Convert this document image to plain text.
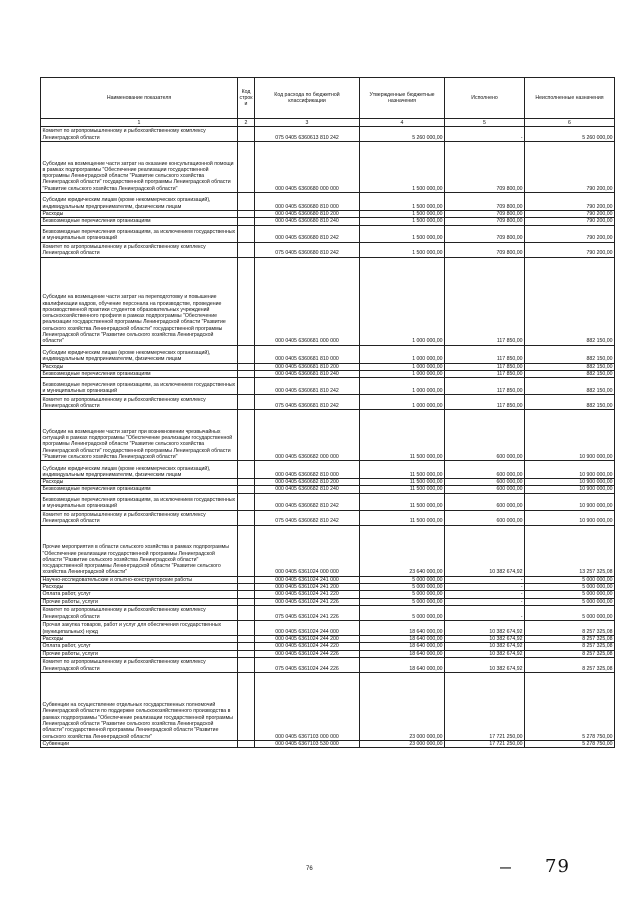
Наименование показателя	Код строк и	Код расхода по бюджетной классификации	Утвержденные бюджетные назначения	Исполнено	Неисполненные назначения
1	2	3	4	5	6
Комитет по агропромышленному и рыбохозяйственному комплексу Ленинградской области		075 0405 6360613 810 242	5 260 000,00	-	5 260 000,00
Субсидии на возмещение части затрат на оказание консультационной помощи в рамках подпрограммы "Обеспечение реализации государственной программы Ленинградской области "Развитие сельского хозяйства Ленинградской области" государственной программы Ленинградской области "Развитие сельского хозяйства Ленинградской области"		000 0405 6360680 000 000	1 500 000,00	709 800,00	790 200,00
Субсидии юридическим лицам (кроме некоммерческих организаций), индивидуальным предпринимателям, физическим лицам		000 0405 6360680 810 000	1 500 000,00	709 800,00	790 200,00
Расходы		000 0405 6360680 810 200	1 500 000,00	709 800,00	790 200,00
Безвозмездные перечисления организациям		000 0405 6360680 810 240	1 500 000,00	709 800,00	790 200,00
Безвозмездные перечисления организациям, за исключением государственных и муниципальных организаций		000 0405 6360680 810 242	1 500 000,00	709 800,00	790 200,00
Комитет по агропромышленному и рыбохозяйственному комплексу Ленинградской области		075 0405 6360680 810 242	1 500 000,00	709 800,00	790 200,00
Субсидии на возмещение части затрат на переподготовку и повышение квалификации кадров, обучение персонала на производстве, проведение производственной практики студентов образовательных учреждений сельскохозяйственного профиля в рамках подпрограммы "Обеспечение реализации государственной программы Ленинградской области "Развитие сельского хозяйства Ленинградской области" государственной программы Ленинградской области "Развитие сельского хозяйства Ленинградской области"		000 0405 6360681 000 000	1 000 000,00	117 850,00	882 150,00
Субсидии юридическим лицам (кроме некоммерческих организаций), индивидуальным предпринимателям, физическим лицам		000 0405 6360681 810 000	1 000 000,00	117 850,00	882 150,00
Расходы		000 0405 6360681 810 200	1 000 000,00	117 850,00	882 150,00
Безвозмездные перечисления организациям		000 0405 6360681 810 240	1 000 000,00	117 850,00	882 150,00
Безвозмездные перечисления организациям, за исключением государственных и муниципальных организаций		000 0405 6360681 810 242	1 000 000,00	117 850,00	882 150,00
Комитет по агропромышленному и рыбохозяйственному комплексу Ленинградской области		075 0405 6360681 810 242	1 000 000,00	117 850,00	882 150,00
Субсидии на возмещение части затрат при возникновении чрезвычайных ситуаций в рамках подпрограммы "Обеспечение реализации государственной программы Ленинградской области "Развитие сельского хозяйства Ленинградской области" государственной программы Ленинградской области "Развитие сельского хозяйства Ленинградской области"		000 0405 6360682 000 000	11 500 000,00	600 000,00	10 900 000,00
Субсидии юридическим лицам (кроме некоммерческих организаций), индивидуальным предпринимателям, физическим лицам		000 0405 6360682 810 000	11 500 000,00	600 000,00	10 900 000,00
Расходы		000 0405 6360682 810 200	11 500 000,00	600 000,00	10 900 000,00
Безвозмездные перечисления организациям		000 0405 6360682 810 240	11 500 000,00	600 000,00	10 900 000,00
Безвозмездные перечисления организациям, за исключением государственных и муниципальных организаций		000 0405 6360682 810 242	11 500 000,00	600 000,00	10 900 000,00
Комитет по агропромышленному и рыбохозяйственному комплексу Ленинградской области		075 0405 6360682 810 242	11 500 000,00	600 000,00	10 900 000,00
Прочие мероприятия в области сельского хозяйства в рамках подпрограммы "Обеспечение реализации государственной программы Ленинградской области "Развитие сельского хозяйства Ленинградской области" государственной программы Ленинградской области "Развитие сельского хозяйства Ленинградской области"		000 0405 6361024 000 000	23 640 000,00	10 382 674,92	13 257 325,08
Научно-исследовательские и опытно-конструкторские работы		000 0405 6361024 241 000	5 000 000,00	-	5 000 000,00
Расходы		000 0405 6361024 241 200	5 000 000,00	-	5 000 000,00
Оплата работ, услуг		000 0405 6361024 241 220	5 000 000,00	-	5 000 000,00
Прочие работы, услуги		000 0405 6361024 241 226	5 000 000,00	-	5 000 000,00
Комитет по агропромышленному и рыбохозяйственному комплексу Ленинградской области		075 0405 6361024 241 226	5 000 000,00	-	5 000 000,00
Прочая закупка товаров, работ и услуг для обеспечения государственных (муниципальных) нужд		000 0405 6361024 244 000	18 640 000,00	10 382 674,92	8 257 325,08
Расходы		000 0405 6361024 244 200	18 640 000,00	10 382 674,92	8 257 325,08
Оплата работ, услуг		000 0405 6361024 244 220	18 640 000,00	10 382 674,92	8 257 325,08
Прочие работы, услуги		000 0405 6361024 244 226	18 640 000,00	10 382 674,92	8 257 325,08
Комитет по агропромышленному и рыбохозяйственному комплексу Ленинградской области		075 0405 6361024 244 226	18 640 000,00	10 382 674,92	8 257 325,08
Субвенции на осуществление отдельных государственных полномочий Ленинградской области по поддержке сельскохозяйственного производства в рамках подпрограммы "Обеспечение реализации государственной программы Ленинградской области "Развитие сельского хозяйства Ленинградской области" государственной программы Ленинградской области "Развитие сельского хозяйства Ленинградской области"		000 0405 6367103 000 000	23 000 000,00	17 721 250,00	5 278 750,00
Субвенции		000 0405 6367103 530 000	23 000 000,00	17 721 250,00	5 278 750,00
76	— 79
